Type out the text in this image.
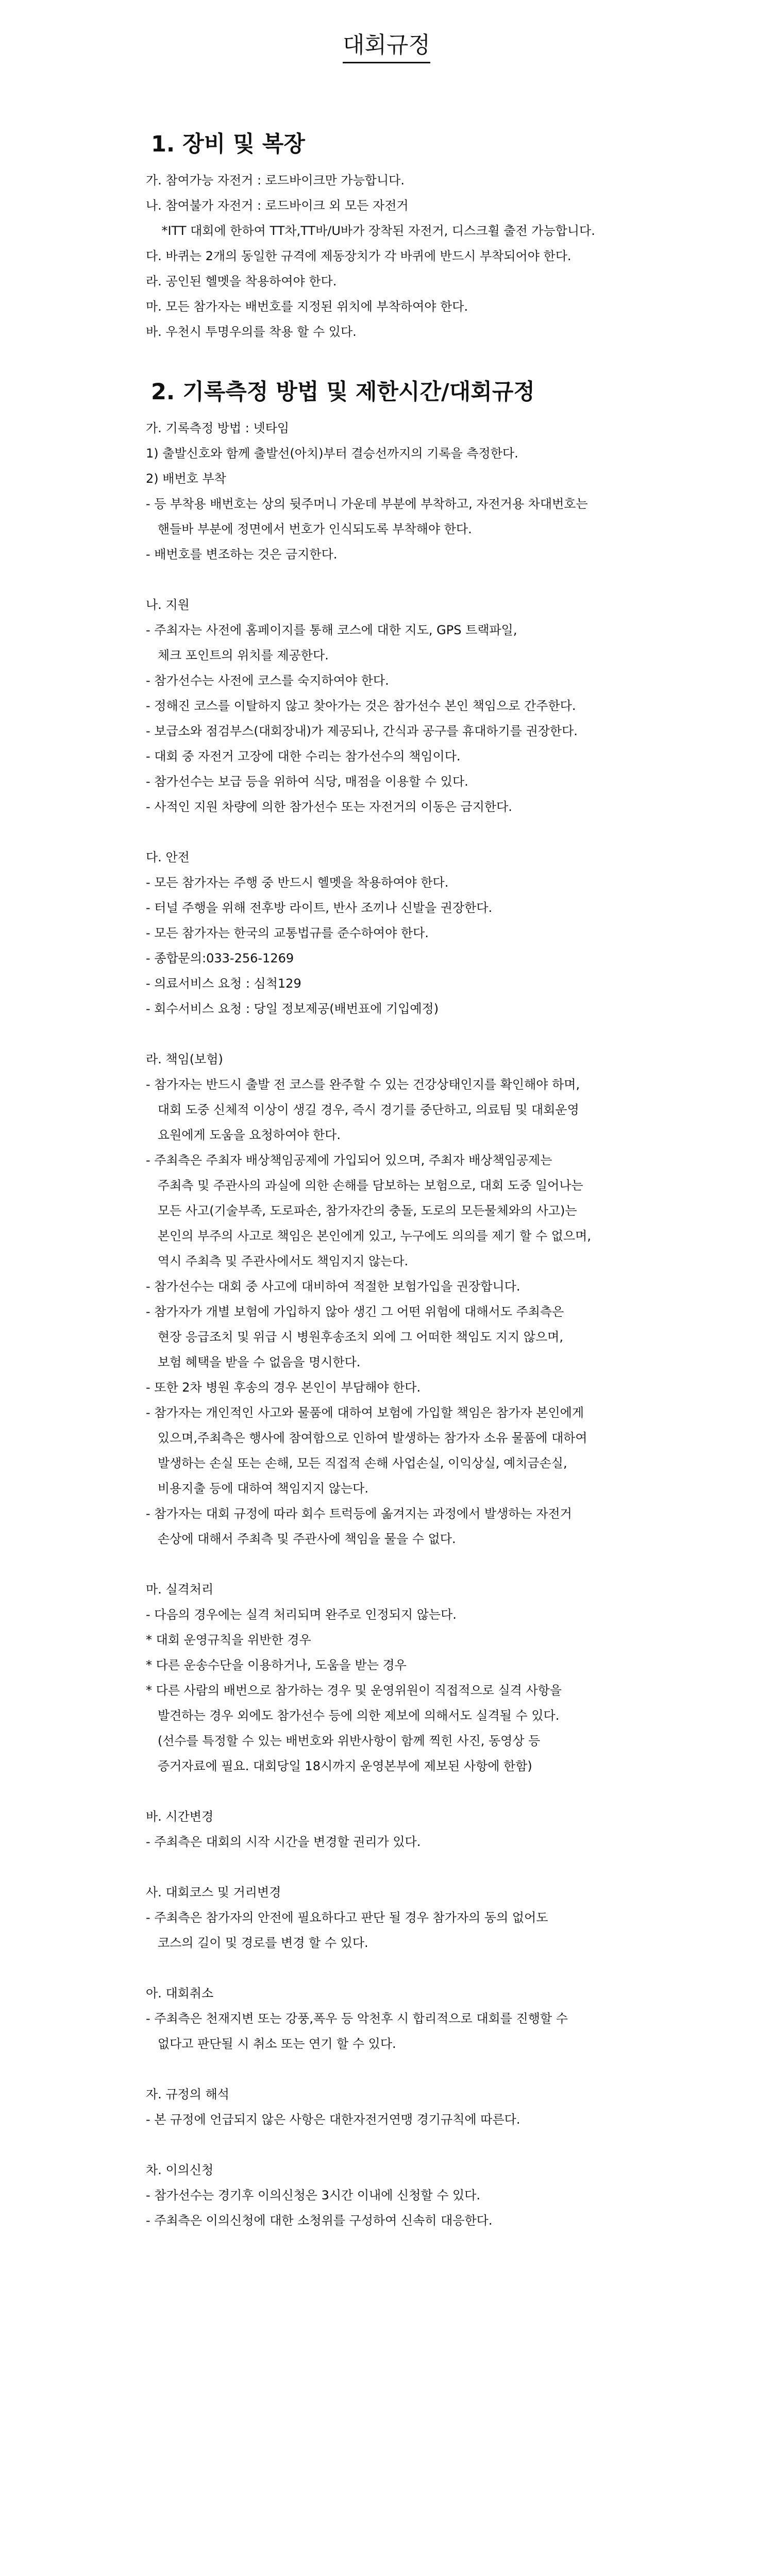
대회규정
1. 장비 및 복장
가. 참여가능 자전거 : 로드바이크만 가능합니다.
나. 참여불가 자전거 : 로드바이크 외 모든 자전거
*ITT 대회에 한하여 TT차,TT바/U바가 장착된 자전거, 디스크휠 출전 가능합니다.
다. 바퀴는 2개의 동일한 규격에 제동장치가 각 바퀴에 반드시 부착되어야 한다.
라. 공인된 헬멧을 착용하여야 한다.
마. 모든 참가자는 배번호를 지정된 위치에 부착하여야 한다.
바. 우천시 투명우의를 착용 할 수 있다.
2. 기록측정 방법 및 제한시간/대회규정
가. 기록측정 방법 : 넷타임
1) 출발신호와 함께 출발선(아치)부터 결승선까지의 기록을 측정한다.
2) 배번호 부착
- 등 부착용 배번호는 상의 뒷주머니 가운데 부분에 부착하고, 자전거용 차대번호는
핸들바 부분에 정면에서 번호가 인식되도록 부착해야 한다.
- 배번호를 변조하는 것은 금지한다.
나. 지원
- 주최자는 사전에 홈페이지를 통해 코스에 대한 지도, GPS 트랙파일,
체크 포인트의 위치를 제공한다.
- 참가선수는 사전에 코스를 숙지하여야 한다.
- 정해진 코스를 이탈하지 않고 찾아가는 것은 참가선수 본인 책임으로 간주한다.
- 보급소와 점검부스(대회장내)가 제공되나, 간식과 공구를 휴대하기를 권장한다.
- 대회 중 자전거 고장에 대한 수리는 참가선수의 책임이다.
- 참가선수는 보급 등을 위하여 식당, 매점을 이용할 수 있다.
- 사적인 지원 차량에 의한 참가선수 또는 자전거의 이동은 금지한다.
다. 안전
- 모든 참가자는 주행 중 반드시 헬멧을 착용하여야 한다.
- 터널 주행을 위해 전후방 라이트, 반사 조끼나 신발을 권장한다.
- 모든 참가자는 한국의 교통법규를 준수하여야 한다.
- 종합문의:033-256-1269
- 의료서비스 요청 : 심척129
- 회수서비스 요청 : 당일 정보제공(배번표에 기입예정)
라. 책임(보험)
- 참가자는 반드시 출발 전 코스를 완주할 수 있는 건강상태인지를 확인해야 하며,
대회 도중 신체적 이상이 생길 경우, 즉시 경기를 중단하고, 의료팀 및 대회운영
요원에게 도움을 요청하여야 한다.
- 주최측은 주최자 배상책임공제에 가입되어 있으며, 주최자 배상책임공제는
주최측 및 주관사의 과실에 의한 손해를 담보하는 보험으로, 대회 도중 일어나는
모든 사고(기술부족, 도로파손, 참가자간의 충돌, 도로의 모든물체와의 사고)는
본인의 부주의 사고로 책임은 본인에게 있고, 누구에도 의의를 제기 할 수 없으며,
역시 주최측 및 주관사에서도 책임지지 않는다.
- 참가선수는 대회 중 사고에 대비하여 적절한 보험가입을 권장합니다.
- 참가자가 개별 보험에 가입하지 않아 생긴 그 어떤 위험에 대해서도 주최측은
현장 응급조치 및 위급 시 병원후송조치 외에 그 어떠한 책임도 지지 않으며,
보험 혜택을 받을 수 없음을 명시한다.
- 또한 2차 병원 후송의 경우 본인이 부담해야 한다.
- 참가자는 개인적인 사고와 물품에 대하여 보험에 가입할 책임은 참가자 본인에게
있으며,주최측은 행사에 참여함으로 인하여 발생하는 참가자 소유 물품에 대하여
발생하는 손실 또는 손해, 모든 직접적 손해 사업손실, 이익상실, 예치금손실,
비용지출 등에 대하여 책임지지 않는다.
- 참가자는 대회 규정에 따라 회수 트럭등에 옮겨지는 과정에서 발생하는 자전거
손상에 대해서 주최측 및 주관사에 책임을 물을 수 없다.
마. 실격처리
- 다음의 경우에는 실격 처리되며 완주로 인정되지 않는다.
* 대회 운영규칙을 위반한 경우
* 다른 운송수단을 이용하거나, 도움을 받는 경우
* 다른 사람의 배번으로 참가하는 경우 및 운영위원이 직접적으로 실격 사항을
발견하는 경우 외에도 참가선수 등에 의한 제보에 의해서도 실격될 수 있다.
(선수를 특정할 수 있는 배번호와 위반사항이 함께 찍힌 사진, 동영상 등
증거자료에 필요. 대회당일 18시까지 운영본부에 제보된 사항에 한함)
바. 시간변경
- 주최측은 대회의 시작 시간을 변경할 권리가 있다.
사. 대회코스 및 거리변경
- 주최측은 참가자의 안전에 필요하다고 판단 될 경우 참가자의 동의 없어도
코스의 길이 및 경로를 변경 할 수 있다.
아. 대회취소
- 주최측은 천재지변 또는 강풍,폭우 등 악천후 시 합리적으로 대회를 진행할 수
없다고 판단될 시 취소 또는 연기 할 수 있다.
자. 규정의 해석
- 본 규정에 언급되지 않은 사항은 대한자전거연맹 경기규칙에 따른다.
차. 이의신청
- 참가선수는 경기후 이의신청은 3시간 이내에 신청할 수 있다.
- 주최측은 이의신청에 대한 소청위를 구성하여 신속히 대응한다.
